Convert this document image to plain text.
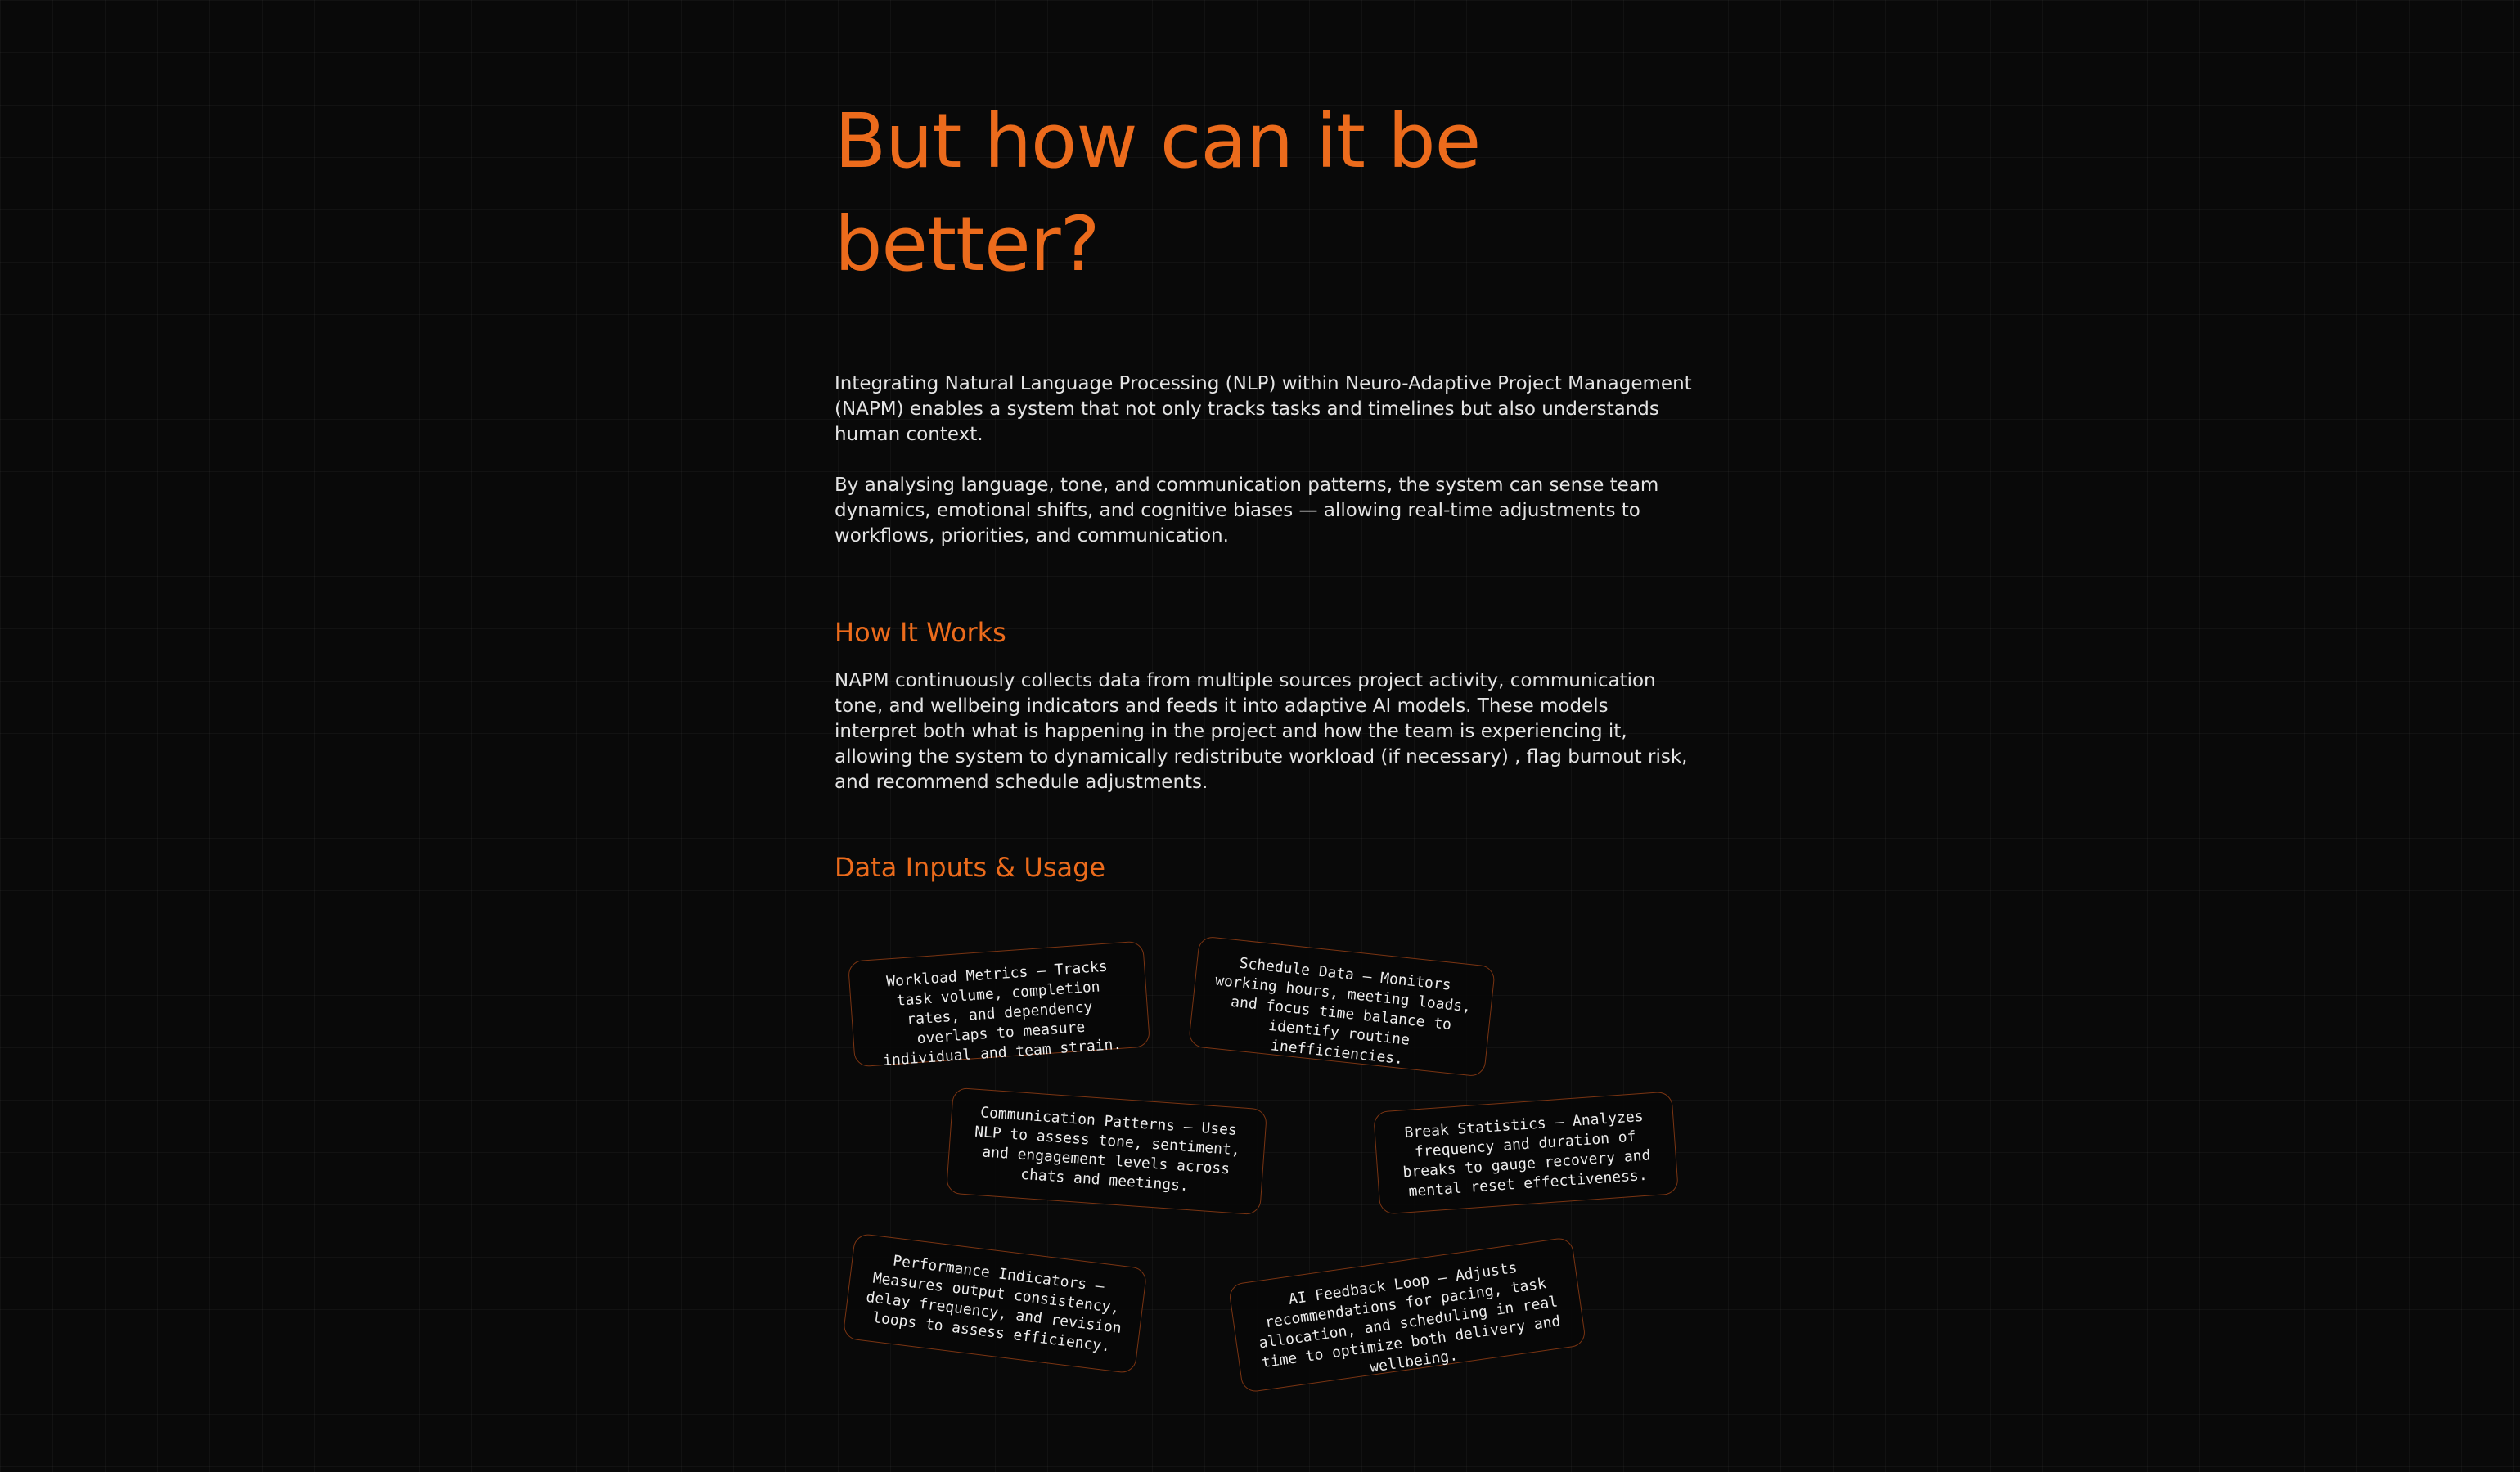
But how can it be better?

Integrating Natural Language Processing (NLP) within Neuro-Adaptive Project Management (NAPM) enables a system that not only tracks tasks and timelines but also understands human context.

By analysing language, tone, and communication patterns, the system can sense team dynamics, emotional shifts, and cognitive biases — allowing real-time adjustments to workflows, priorities, and communication.

How It Works

NAPM continuously collects data from multiple sources project activity, communication tone, and wellbeing indicators and feeds it into adaptive AI models. These models interpret both what is happening in the project and how the team is experiencing it, allowing the system to dynamically redistribute workload (if necessary) , flag burnout risk, and recommend schedule adjustments.

Data Inputs & Usage
Workload Metrics – Tracks task volume, completion rates, and dependency overlaps to measure individual and team strain.
Schedule Data – Monitors working hours, meeting loads, and focus time balance to identify routine inefficiencies.
Communication Patterns – Uses NLP to assess tone, sentiment, and engagement levels across chats and meetings.
Break Statistics – Analyzes frequency and duration of breaks to gauge recovery and mental reset effectiveness.
Performance Indicators – Measures output consistency, delay frequency, and revision loops to assess efficiency.
AI Feedback Loop – Adjusts recommendations for pacing, task allocation, and scheduling in real time to optimize both delivery and wellbeing.
